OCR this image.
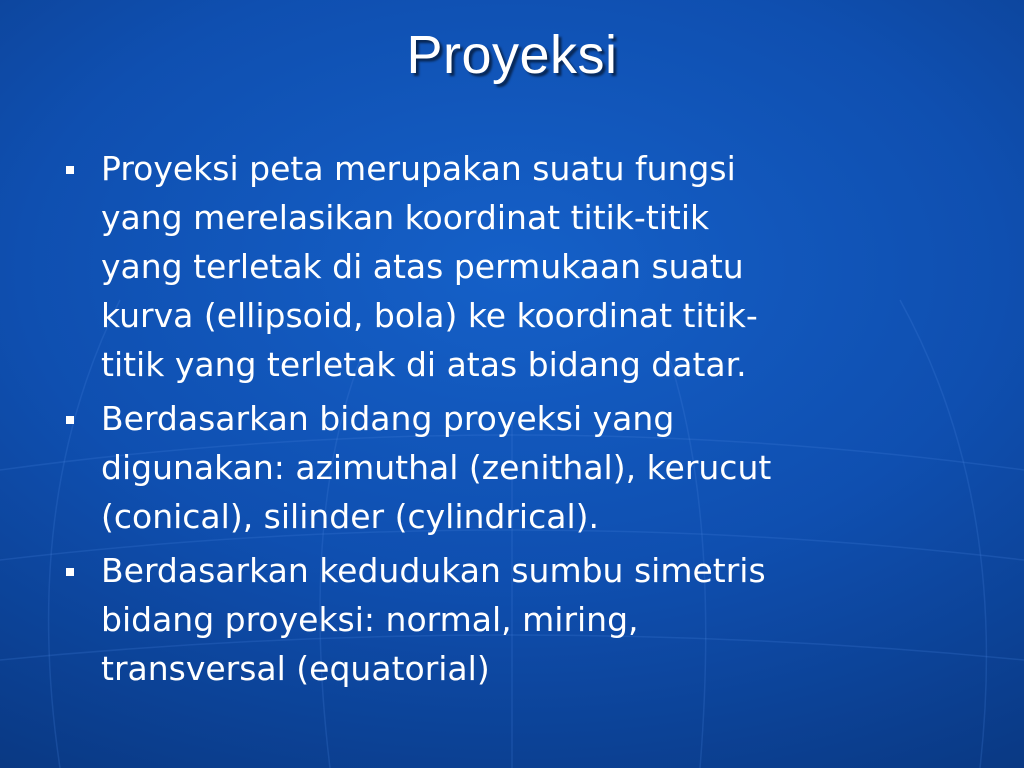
Proyeksi
Proyeksi peta merupakan suatu fungsi
yang merelasikan koordinat titik-titik
yang terletak di atas permukaan suatu
kurva (ellipsoid, bola) ke koordinat titik-
titik yang terletak di atas bidang datar.
Berdasarkan bidang proyeksi yang
digunakan: azimuthal (zenithal), kerucut
(conical), silinder (cylindrical).
Berdasarkan kedudukan sumbu simetris
bidang proyeksi: normal, miring,
transversal (equatorial)
